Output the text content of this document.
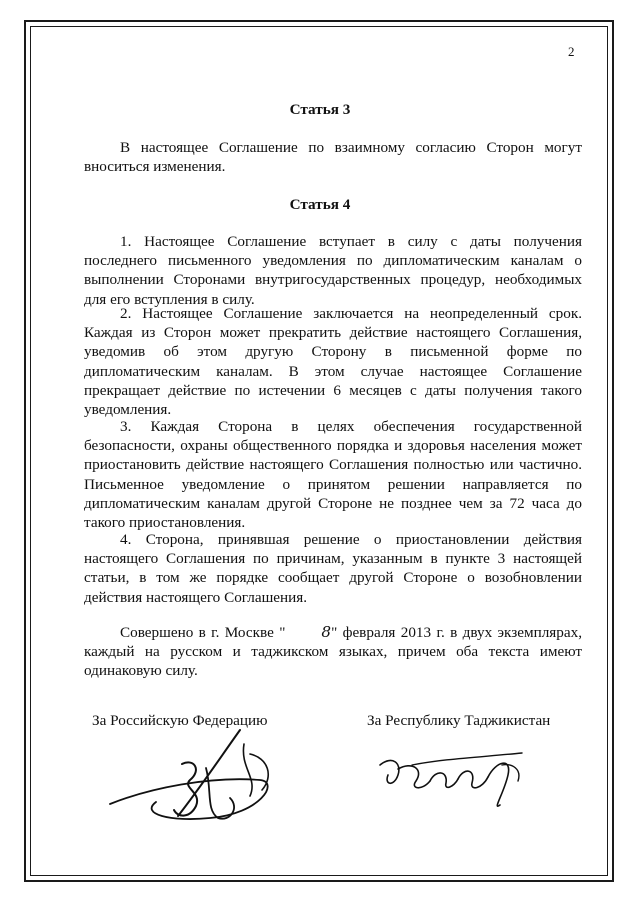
2
Статья 3

В настоящее Соглашение по взаимному согласию Сторон могут вноситься изменения.

Статья 4

1. Настоящее Соглашение вступает в силу с даты получения последнего письменного уведомления по дипломатическим каналам о выполнении Сторонами внутригосударственных процедур, необходимых для его вступления в силу.

2. Настоящее Соглашение заключается на неопределенный срок. Каждая из Сторон может прекратить действие настоящего Соглашения, уведомив об этом другую Сторону в письменной форме по дипломатическим каналам. В этом случае настоящее Соглашение прекращает действие по истечении 6 месяцев с даты получения такого уведомления.

3. Каждая Сторона в целях обеспечения государственной безопасности, охраны общественного порядка и здоровья населения может приостановить действие настоящего Соглашения полностью или частично. Письменное уведомление о принятом решении направляется по дипломатическим каналам другой Стороне не позднее чем за 72 часа до такого приостановления.

4. Сторона, принявшая решение о приостановлении действия настоящего Соглашения по причинам, указанным в пункте 3 настоящей статьи, в том же порядке сообщает другой Стороне о возобновлении действия настоящего Соглашения.

Совершено в г. Москве " 8" февраля 2013 г. в двух экземплярах, каждый на русском и таджикском языках, причем оба текста имеют одинаковую силу.

За Российскую Федерацию	За Республику Таджикистан
